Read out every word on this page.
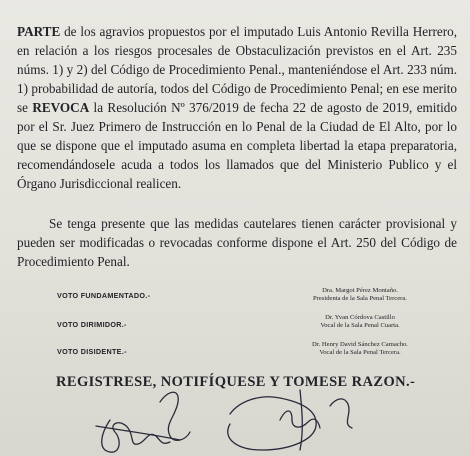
PARTE de los agravios propuestos por el imputado Luis Antonio Revilla Herrero, en relación a los riesgos procesales de Obstaculización previstos en el Art. 235 núms. 1) y 2) del Código de Procedimiento Penal., manteniéndose el Art. 233 núm. 1) probabilidad de autoría, todos del Código de Procedimiento Penal; en ese merito se REVOCA la Resolución Nº 376/2019 de fecha 22 de agosto de 2019, emitido por el Sr. Juez Primero de Instrucción en lo Penal de la Ciudad de El Alto, por lo que se dispone que el imputado asuma en completa libertad la etapa preparatoria, recomendándosele acuda a todos los llamados que del Ministerio Publico y el Órgano Jurisdiccional realicen.

Se tenga presente que las medidas cautelares tienen carácter provisional y pueden ser modificadas o revocadas conforme dispone el Art. 250 del Código de Procedimiento Penal.

VOTO FUNDAMENTADO.-
Dra. Margot Pérez Montaño.
Presidenta de la Sala Penal Tercera.
VOTO DIRIMIDOR.-
Dr. Yvan Córdova Castillo
Vocal de la Sala Penal Cuarta.
VOTO DISIDENTE.-
Dr. Henry David Sánchez Camacho.
Vocal de la Sala Penal Tercera.
REGISTRESE, NOTIFÍQUESE Y TOMESE RAZON.-
